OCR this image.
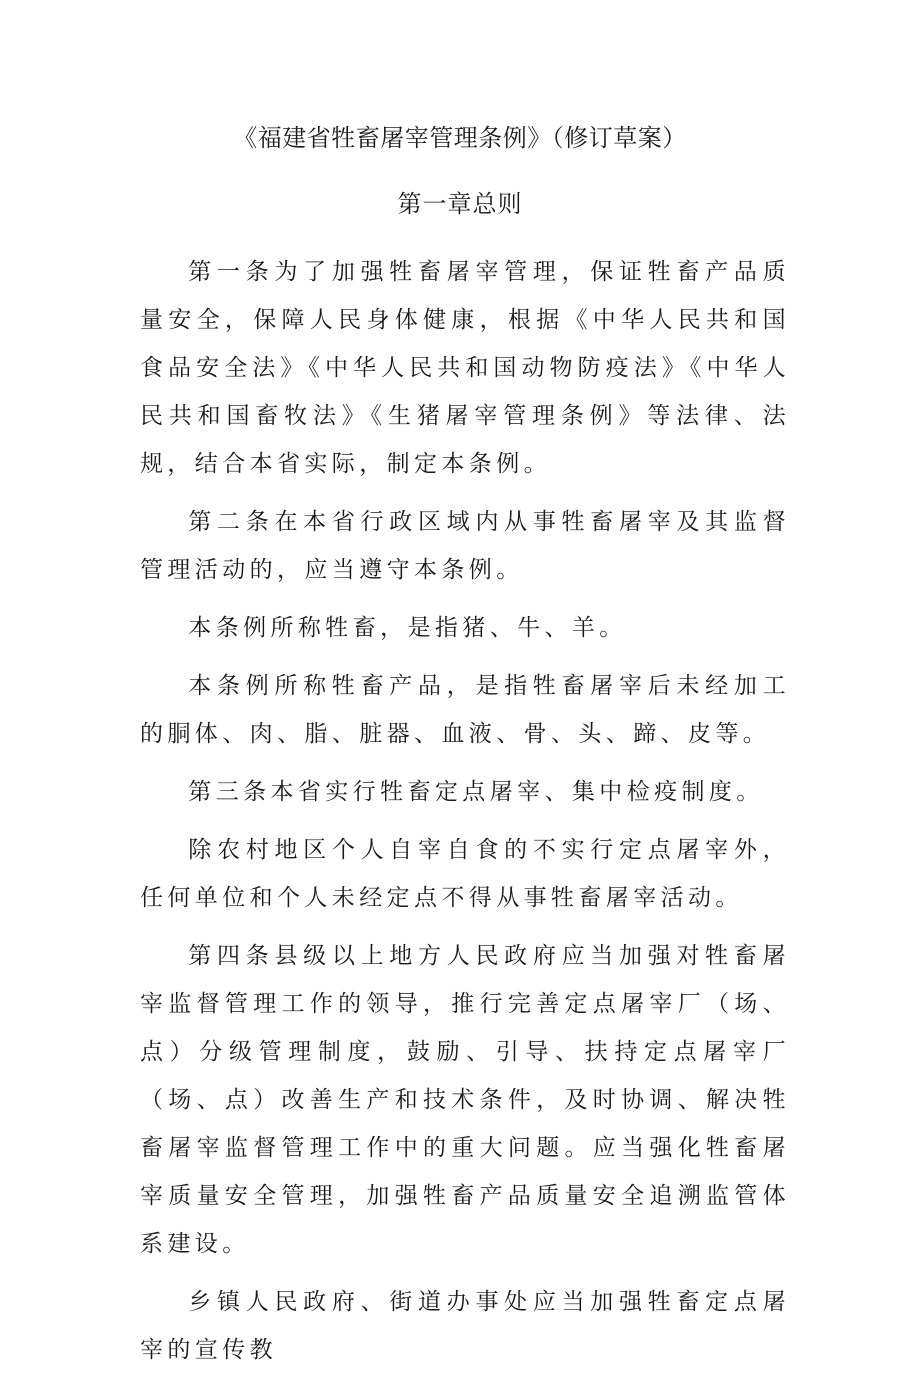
《福建省牲畜屠宰管理条例》（修订草案）
第一章总则

第一条为了加强牲畜屠宰管理，保证牲畜产品质量安全，保障人民身体健康，根据《中华人民共和国食品安全法》《中华人民共和国动物防疫法》《中华人民共和国畜牧法》《生猪屠宰管理条例》等法律、法规，结合本省实际，制定本条例。

第二条在本省行政区域内从事牲畜屠宰及其监督管理活动的，应当遵守本条例。

本条例所称牲畜，是指猪、牛、羊。

本条例所称牲畜产品，是指牲畜屠宰后未经加工的胴体、肉、脂、脏器、血液、骨、头、蹄、皮等。

第三条本省实行牲畜定点屠宰、集中检疫制度。

除农村地区个人自宰自食的不实行定点屠宰外，任何单位和个人未经定点不得从事牲畜屠宰活动。

第四条县级以上地方人民政府应当加强对牲畜屠宰监督管理工作的领导，推行完善定点屠宰厂（场、点）分级管理制度，鼓励、引导、扶持定点屠宰厂（场、点）改善生产和技术条件，及时协调、解决牲畜屠宰监督管理工作中的重大问题。应当强化牲畜屠宰质量安全管理，加强牲畜产品质量安全追溯监管体系建设。

乡镇人民政府、街道办事处应当加强牲畜定点屠宰的宣传教
